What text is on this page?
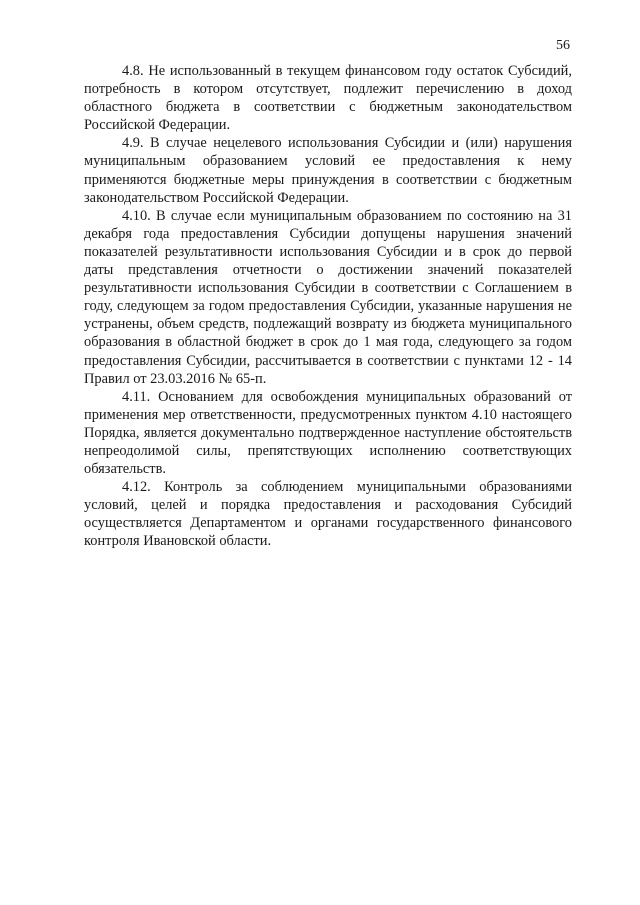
56

4.8. Не использованный в текущем финансовом году остаток Субсидий, потребность в котором отсутствует, подлежит перечислению в доход областного бюджета в соответствии с бюджетным законодательством Российской Федерации.

4.9. В случае нецелевого использования Субсидии и (или) нарушения муниципальным образованием условий ее предоставления к нему применяются бюджетные меры принуждения в соответствии с бюджетным законодательством Российской Федерации.

4.10. В случае если муниципальным образованием по состоянию на 31 декабря года предоставления Субсидии допущены нарушения значений показателей результативности использования Субсидии и в срок до первой даты представления отчетности о достижении значений показателей результативности использования Субсидии в соответствии с Соглашением в году, следующем за годом предоставления Субсидии, указанные нарушения не устранены, объем средств, подлежащий возврату из бюджета муниципального образования в областной бюджет в срок до 1 мая года, следующего за годом предоставления Субсидии, рассчитывается в соответствии с пунктами 12 - 14 Правил от 23.03.2016 № 65-п.

4.11. Основанием для освобождения муниципальных образований от применения мер ответственности, предусмотренных пунктом 4.10 настоящего Порядка, является документально подтвержденное наступление обстоятельств непреодолимой силы, препятствующих исполнению соответствующих обязательств.

4.12. Контроль за соблюдением муниципальными образованиями условий, целей и порядка предоставления и расходования Субсидий осуществляется Департаментом и органами государственного финансового контроля Ивановской области.
